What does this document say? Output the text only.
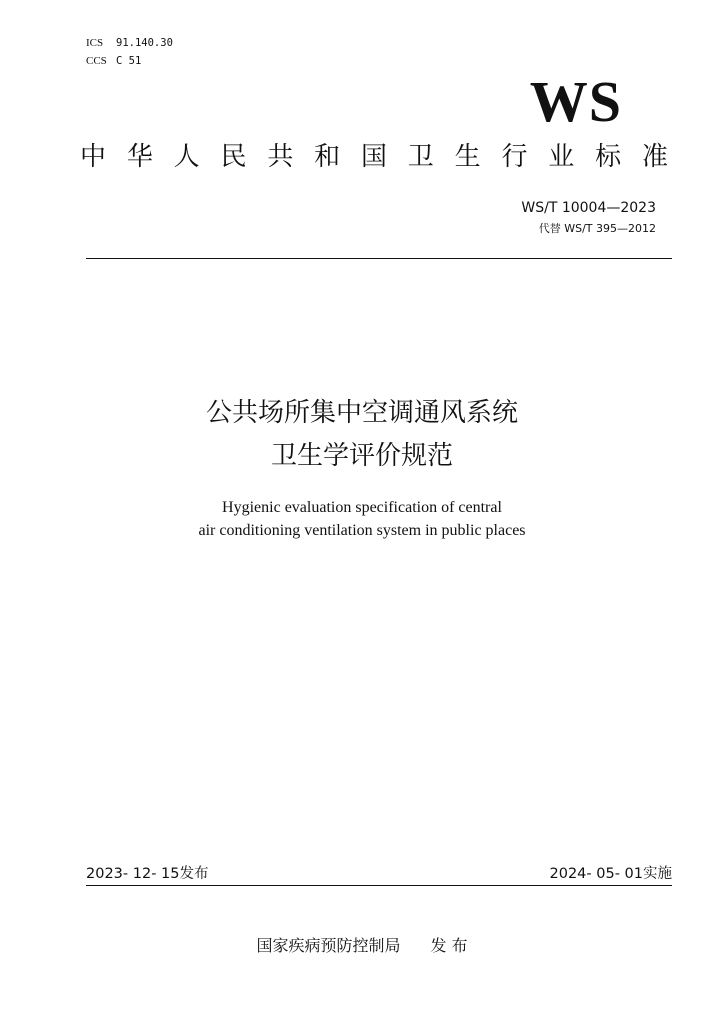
ICS 91.140.30
CCS C 51
WS
中 华 人 民 共 和 国 卫 生 行 业 标 准
WS/T 10004—2023
代替 WS/T 395—2012
公共场所集中空调通风系统
卫生学评价规范
Hygienic evaluation specification of central
air conditioning ventilation system in public places
2023- 12- 15发布	2024- 05- 01实施
国家疾病预防控制局 发 布
